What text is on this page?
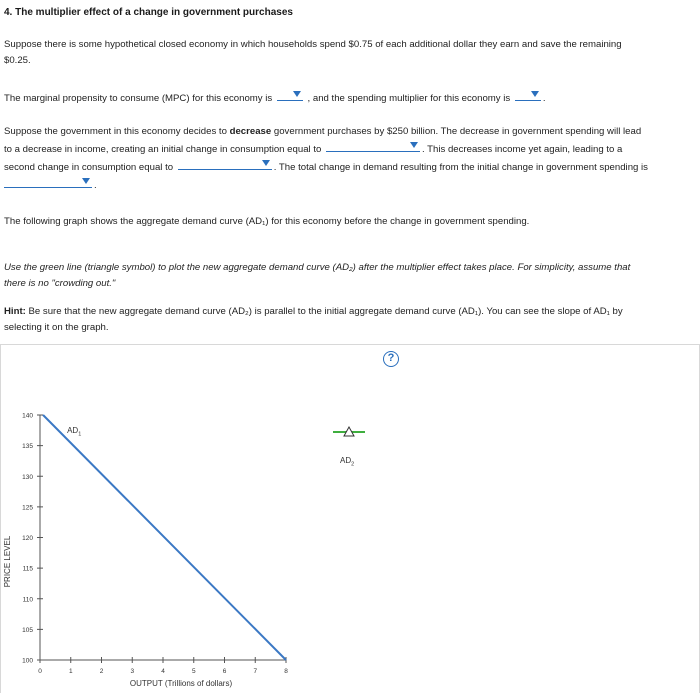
4. The multiplier effect of a change in government purchases
Suppose there is some hypothetical closed economy in which households spend $0.75 of each additional dollar they earn and save the remaining
$0.25.
The marginal propensity to consume (MPC) for this economy is	, and the spending multiplier for this economy is	.
Suppose the government in this economy decides to decrease government purchases by $250 billion. The decrease in government spending will lead
to a decrease in income, creating an initial change in consumption equal to	. This decreases income yet again, leading to a
second change in consumption equal to	. The total change in demand resulting from the initial change in government spending is
.
The following graph shows the aggregate demand curve (AD₁) for this economy before the change in government spending.
Use the green line (triangle symbol) to plot the new aggregate demand curve (AD₂) after the multiplier effect takes place. For simplicity, assume that
there is no "crowding out."
Hint: Be sure that the new aggregate demand curve (AD₂) is parallel to the initial aggregate demand curve (AD₁). You can see the slope of AD₁ by
selecting it on the graph.
?
100
105
110
115
120
125
130
135
140
0	1	2	3	4	5	6	7	8
OUTPUT (Trillions of dollars)
PRICE LEVEL
$AD_1$
$AD_2$
